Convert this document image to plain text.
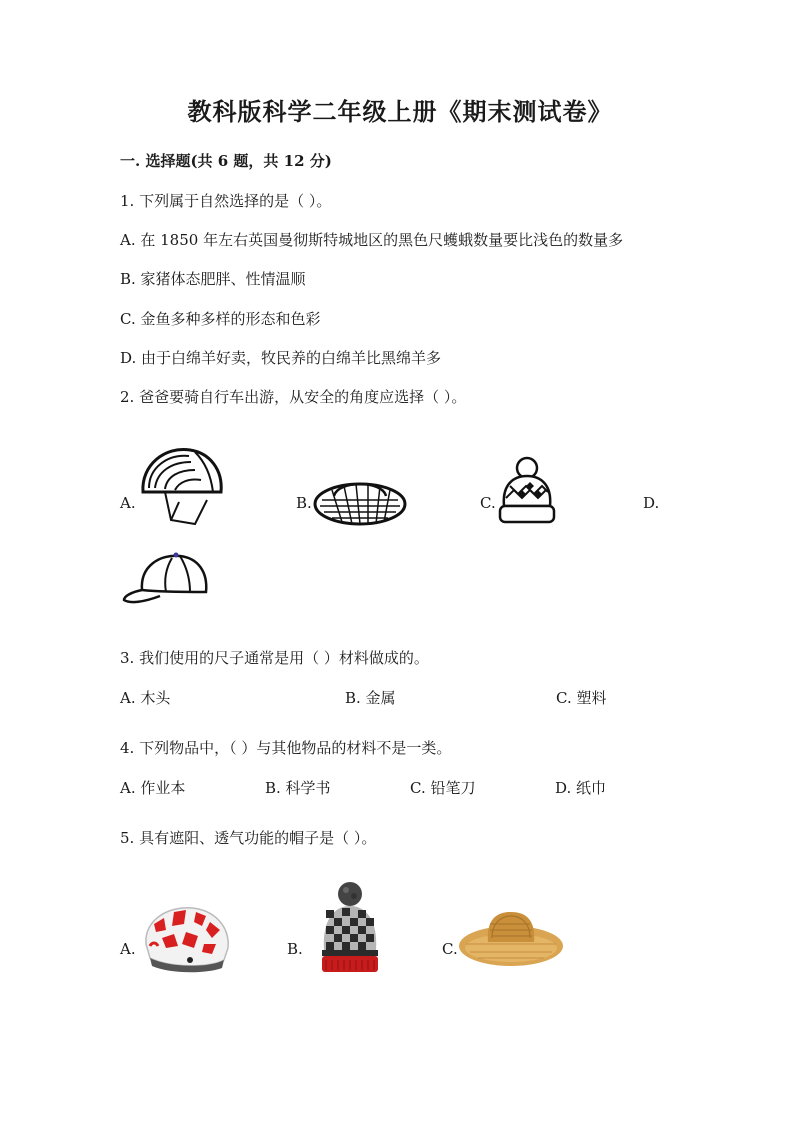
教科版科学二年级上册《期末测试卷》
一. 选择题(共 6 题，共 12 分)
1. 下列属于自然选择的是（ ）。
A. 在 1850 年左右英国曼彻斯特城地区的黑色尺蠖蛾数量要比浅色的数量多
B. 家猪体态肥胖、性情温顺
C. 金鱼多种多样的形态和色彩
D. 由于白绵羊好卖，牧民养的白绵羊比黑绵羊多
2. 爸爸要骑自行车出游，从安全的角度应选择（ ）。
A.	B.	C.	D.
3. 我们使用的尺子通常是用（ ）材料做成的。
A. 木头	B. 金属	C. 塑料
4. 下列物品中，（ ）与其他物品的材料不是一类。
A. 作业本	B. 科学书	C. 铅笔刀	D. 纸巾
5. 具有遮阳、透气功能的帽子是（ ）。
A.	B.	C.
